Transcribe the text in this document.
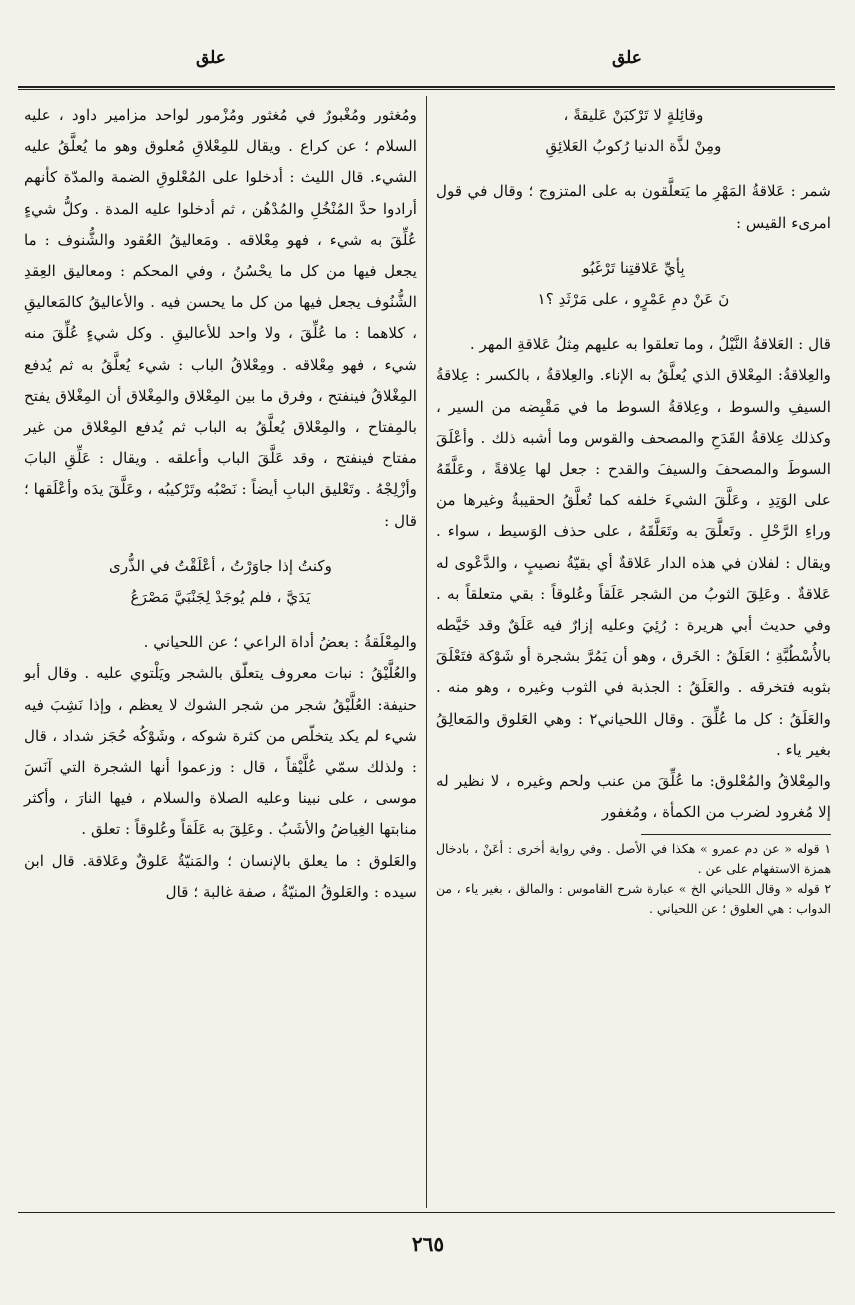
علق
علق

وقائِلةٍ لا تَرْكبَنْ عَليقةً ،

ومِنْ لذَّة الدنيا رُكوبُ العَلائِقِ

شمر : عَلاقةُ المَهْرِ ما يَتعلَّقون به على المتزوج ؛ وقال في قول امرىء القيس :

بِأيِّ عَلاقتِنا تَرْغَبُو

نَ عَنْ دمِ عَمْرٍو ، على مَرْثَدِ ؟١

قال : العَلاقةُ النَّيْلُ ، وما تعلقوا به عليهم مِثلُ عَلاقةِ المهر .

والعِلاقةُ: المِعْلاق الذي يُعلَّقُ به الإناء. والعِلاقةُ ، بالكسر : عِلاقةُ السيفِ والسوط ، وعِلاقةُ السوط ما في مَقْبِضه من السير ، وكذلك عِلاقةُ القَدَحِ والمصحف والقوس وما أشبه ذلك . وأعْلَقَ السوطَ والمصحفَ والسيفَ والقدح : جعل لها عِلاقةً ، وعَلَّقَهُ على الوَتِدِ ، وعَلَّقَ الشيءَ خلفه كما تُعلَّقُ الحقيبةُ وغيرها من وراءِ الرَّحْلِ . وتَعلَّقَ به وتَعَلَّقَهُ ، على حذف الوَسيط ، سواء . ويقال : لفلان في هذه الدار عَلاقةٌ أي بقيّةُ نصيبٍ ، والدَّعْوى له عَلاقةٌ . وعَلِقَ الثوبُ من الشجر عَلَقاً وعُلوقاً : بقي متعلقاً به . وفي حديث أبي هريرة : رُئِيَ وعليه إزارٌ فيه عَلَقٌ وقد خَيَّطه بالأُسْطُبَّةِ ؛ العَلَقُ : الخَرق ، وهو أن يَمُرَّ بشجرة أو شَوْكة فتَعْلَقَ بثوبه فتخرقه . والعَلَقُ : الجذبة في الثوب وغيره ، وهو منه . والعَلَقُ : كل ما عُلِّقَ . وقال اللحياني٢ : وهي العَلوق والمَعالِقُ بغير ياء .

والمِعْلاقُ والمُعْلوق: ما عُلِّقَ من عنب ولحم وغيره ، لا نظير له إلا مُغرود لضرب من الكمأة ، ومُغفور

١ قوله « عن دم عمرو » هكذا في الأصل . وفي رواية أخرى : أعَنْ ، بادخال همزة الاستفهام على عن .

٢ قوله « وقال اللحياني الخ » عبارة شرح القاموس : والمالق ، بغير ياء ، من الدواب : هي العلوق ؛ عن اللحياني .

ومُغثور ومُغْبورٌ في مُغثور ومُزْمور لواحد مزامير داود ، عليه السلام ؛ عن كراع . ويقال للمِعْلاقِ مُعلوق وهو ما يُعلَّقُ عليه الشيء. قال الليث : أدخلوا على المُعْلوقِ الضمة والمدّة كأنهم أرادوا حدَّ المُنْخُلِ والمُدْهُن ، ثم أدخلوا عليه المدة . وكلُّ شيءٍ عُلِّقَ به شيء ، فهو مِعْلاقه . ومَعاليقُ العُقود والشُّنوف : ما يجعل فيها من كل ما يحْسُنُ ، وفي المحكم : ومعاليق العِقدِ الشُّنُوف يجعل فيها من كل ما يحسن فيه . والأعاليقُ كالمَعاليقِ ، كلاهما : ما عُلِّقَ ، ولا واحد للأعاليقِ . وكل شيءٍ عُلِّقَ منه شيء ، فهو مِعْلاقه . ومِعْلاقُ الباب : شيء يُعلَّقُ به ثم يُدفع المِغْلاقُ فينفتح ، وفرق ما بين المِعْلاق والمِغْلاق أن المِغْلاق يفتح بالمِفتاح ، والمِعْلاق يُعلَّقُ به الباب ثم يُدفع المِعْلاق من غير مفتاح فينفتح ، وقد عَلَّقَ الباب وأعلقه . ويقال : عَلِّقِ البابَ وأزْلِجْهُ . وتَعْليق البابِ أيضاً : نَصْبُه وتَرْكيبُه ، وعَلَّقَ يدَه وأعْلَقها ؛ قال :

وكنتُ إذا جاوَرْتُ ، أعْلَقْتُ في الذُّرى

يَدَيَّ ، فلم يُوجَدْ لِجَنْبَيَّ مَصْرَعُ

والمِعْلَقةُ : بعضُ أداة الراعي ؛ عن اللحياني .

والعُلَّيْقُ : نبات معروف يتعلّق بالشجر ويَلْتوي عليه . وقال أبو حنيفة: العُلَّيْقُ شجر من شجر الشوك لا يعظم ، وإذا نَشِبَ فيه شيء لم يكد يتخلّص من كثرة شوكه ، وشَوْكُه حُجَز شداد ، قال : ولذلك سمّي عُلَّيْقاً ، قال : وزعموا أنها الشجرة التي آنَسَ موسى ، على نبينا وعليه الصلاة والسلام ، فيها النارَ ، وأكثر منابتها الغِياضُ والأشَبُ . وعَلِقَ به عَلَقاً وعُلوقاً : تعلق .

والعَلوق : ما يعلق بالإنسان ؛ والمَنيّةُ عَلوقٌ وعَلاقة. قال ابن سيده : والعَلوقُ المنيّةُ ، صفة غالبة ؛ قال

٢٦٥
